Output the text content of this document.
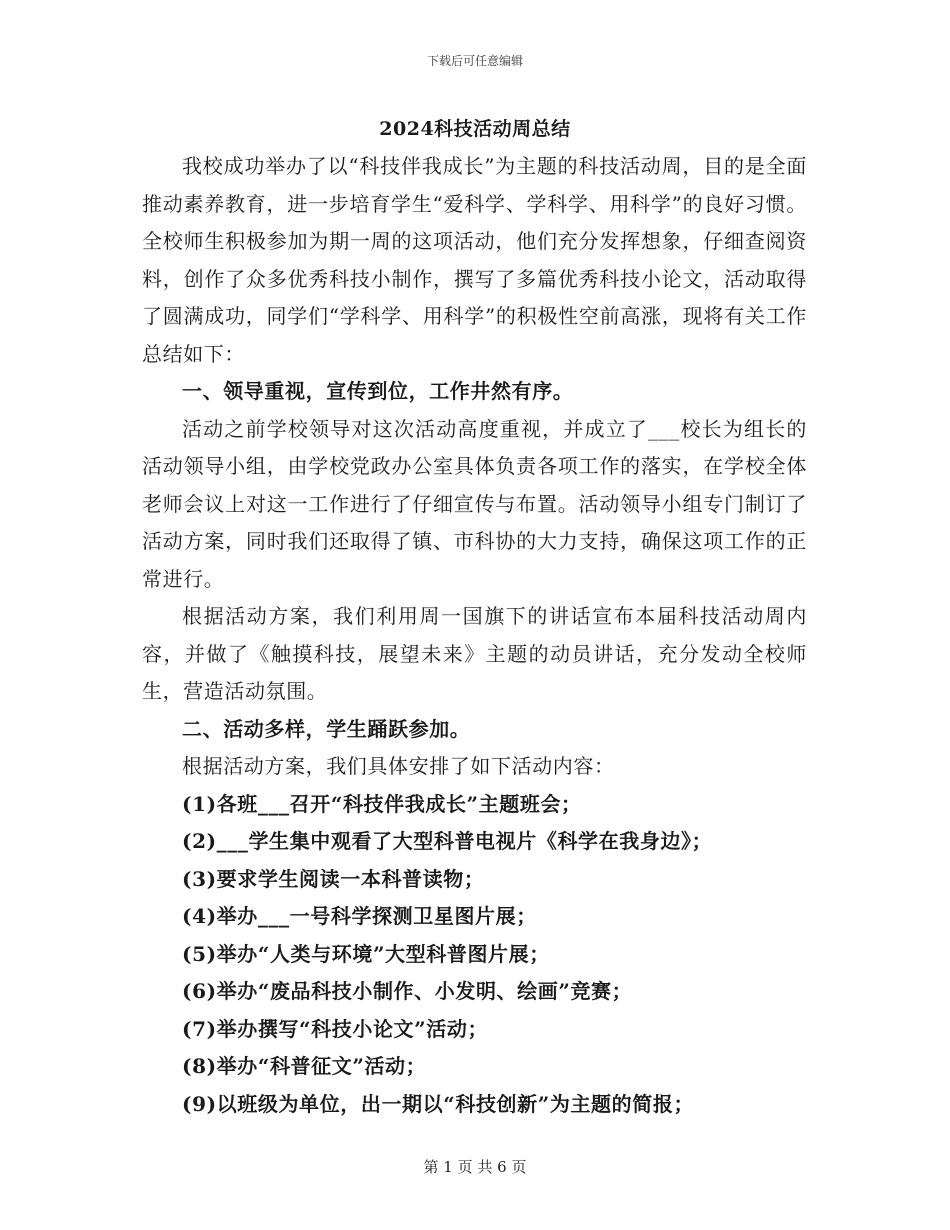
下载后可任意编辑
2024科技活动周总结

我校成功举办了以“科技伴我成长”为主题的科技活动周，目的是全面推动素养教育，进一步培育学生“爱科学、学科学、用科学”的良好习惯。全校师生积极参加为期一周的这项活动，他们充分发挥想象，仔细查阅资料，创作了众多优秀科技小制作，撰写了多篇优秀科技小论文，活动取得了圆满成功，同学们“学科学、用科学”的积极性空前高涨，现将有关工作总结如下：

一、领导重视，宣传到位，工作井然有序。

活动之前学校领导对这次活动高度重视，并成立了___校长为组长的活动领导小组，由学校党政办公室具体负责各项工作的落实，在学校全体老师会议上对这一工作进行了仔细宣传与布置。活动领导小组专门制订了活动方案，同时我们还取得了镇、市科协的大力支持，确保这项工作的正常进行。

根据活动方案，我们利用周一国旗下的讲话宣布本届科技活动周内容，并做了《触摸科技，展望未来》主题的动员讲话，充分发动全校师生，营造活动氛围。

二、活动多样，学生踊跃参加。

根据活动方案，我们具体安排了如下活动内容：

(1)各班___召开“科技伴我成长”主题班会；

(2)___学生集中观看了大型科普电视片《科学在我身边》；

(3)要求学生阅读一本科普读物；

(4)举办___一号科学探测卫星图片展；

(5)举办“人类与环境”大型科普图片展；

(6)举办“废品科技小制作、小发明、绘画”竞赛；

(7)举办撰写“科技小论文”活动；

(8)举办“科普征文”活动；

(9)以班级为单位，出一期以“科技创新”为主题的简报；

第 1 页 共 6 页
